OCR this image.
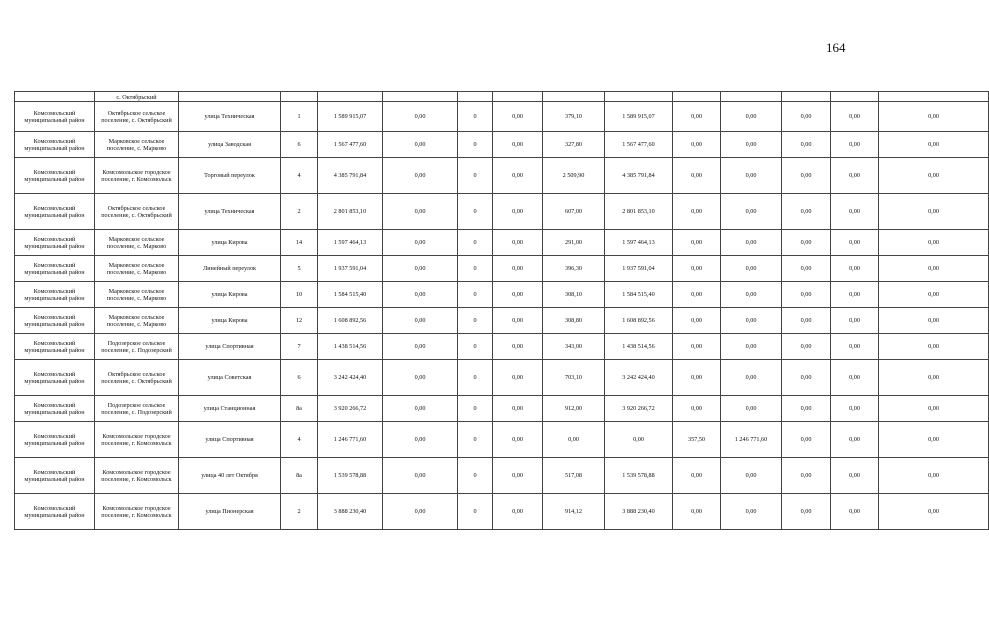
164
	с. Октябрьский													
Комсомольский муниципальный район	Октябрьское сельское поселение, с. Октябрьский	улица Техническая	1	1 589 915,07	0,00	0	0,00	379,10	1 589 915,07	0,00	0,00	0,00	0,00	0,00
Комсомольский муниципальный район	Марковское сельское поселение, с. Марково	улица Заводская	6	1 567 477,60	0,00	0	0,00	327,80	1 567 477,60	0,00	0,00	0,00	0,00	0,00
Комсомольский муниципальный район	Комсомольское городское поселение, г. Комсомольск	Торговый переулок	4	4 385 791,84	0,00	0	0,00	2 509,90	4 385 791,84	0,00	0,00	0,00	0,00	0,00
Комсомольский муниципальный район	Октябрьское сельское поселение, с. Октябрьский	улица Техническая	2	2 801 853,10	0,00	0	0,00	607,00	2 801 853,10	0,00	0,00	0,00	0,00	0,00
Комсомольский муниципальный район	Марковское сельское поселение, с. Марково	улица Кирова	14	1 597 464,13	0,00	0	0,00	291,00	1 597 464,13	0,00	0,00	0,00	0,00	0,00
Комсомольский муниципальный район	Марковское сельское поселение, с. Марково	Линейный переулок	5	1 937 591,04	0,00	0	0,00	396,30	1 937 591,04	0,00	0,00	0,00	0,00	0,00
Комсомольский муниципальный район	Марковское сельское поселение, с. Марково	улица Кирова	10	1 584 515,40	0,00	0	0,00	308,10	1 584 515,40	0,00	0,00	0,00	0,00	0,00
Комсомольский муниципальный район	Марковское сельское поселение, с. Марково	улица Кирова	12	1 608 892,56	0,00	0	0,00	308,80	1 608 892,56	0,00	0,00	0,00	0,00	0,00
Комсомольский муниципальный район	Подозерское сельское поселение, с. Подозерский	улица Спортивная	7	1 438 514,56	0,00	0	0,00	343,00	1 438 514,56	0,00	0,00	0,00	0,00	0,00
Комсомольский муниципальный район	Октябрьское сельское поселение, с. Октябрьский	улица Советская	6	3 242 424,40	0,00	0	0,00	703,10	3 242 424,40	0,00	0,00	0,00	0,00	0,00
Комсомольский муниципальный район	Подозерское сельское поселение, с. Подозерский	улица Станционная	8а	3 920 266,72	0,00	0	0,00	912,00	3 920 266,72	0,00	0,00	0,00	0,00	0,00
Комсомольский муниципальный район	Комсомольское городское поселение, г. Комсомольск	улица Спортивная	4	1 246 771,60	0,00	0	0,00	0,00	0,00	357,50	1 246 771,60	0,00	0,00	0,00
Комсомольский муниципальный район	Комсомольское городское поселение, г. Комсомольск	улица 40 лет Октября	8а	1 539 578,88	0,00	0	0,00	517,08	1 539 578,88	0,00	0,00	0,00	0,00	0,00
Комсомольский муниципальный район	Комсомольское городское поселение, г. Комсомольск	улица Пионерская	2	3 888 230,40	0,00	0	0,00	914,12	3 888 230,40	0,00	0,00	0,00	0,00	0,00
